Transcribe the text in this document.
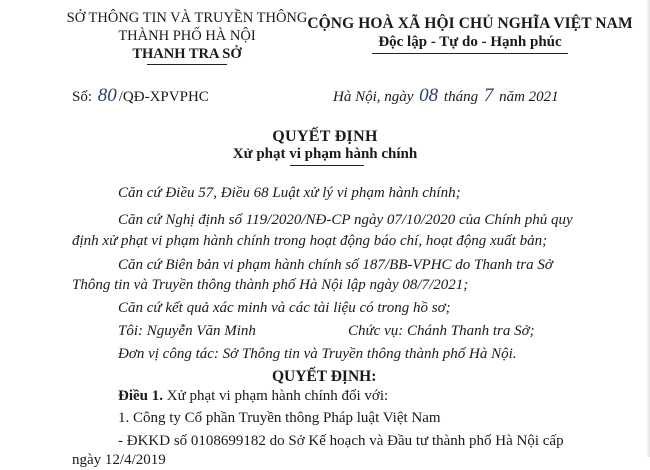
SỞ THÔNG TIN VÀ TRUYỀN THÔNG
THÀNH PHỐ HÀ NỘI
THANH TRA SỞ
CỘNG HOÀ XÃ HỘI CHỦ NGHĨA VIỆT NAM
Độc lập - Tự do - Hạnh phúc
Số: 80 /QĐ-XPVPHC	Hà Nội, ngày 08 tháng 7 năm 2021
QUYẾT ĐỊNH
Xử phạt vi phạm hành chính
Căn cứ Điều 57, Điều 68 Luật xử lý vi phạm hành chính;
Căn cứ Nghị định số 119/2020/NĐ-CP ngày 07/10/2020 của Chính phủ quy
định xử phạt vi phạm hành chính trong hoạt động báo chí, hoạt động xuất bản;
Căn cứ Biên bản vi phạm hành chính số 187/BB-VPHC do Thanh tra Sở
Thông tin và Truyền thông thành phố Hà Nội lập ngày 08/7/2021;
Căn cứ kết quả xác minh và các tài liệu có trong hồ sơ;
Tôi: Nguyễn Văn Minh	Chức vụ: Chánh Thanh tra Sở;
Đơn vị công tác: Sở Thông tin và Truyền thông thành phố Hà Nội.
QUYẾT ĐỊNH:
Điều 1. Xử phạt vi phạm hành chính đối với:
1. Công ty Cổ phần Truyền thông Pháp luật Việt Nam
- ĐKKD số 0108699182 do Sở Kế hoạch và Đầu tư thành phố Hà Nội cấp
ngày 12/4/2019
